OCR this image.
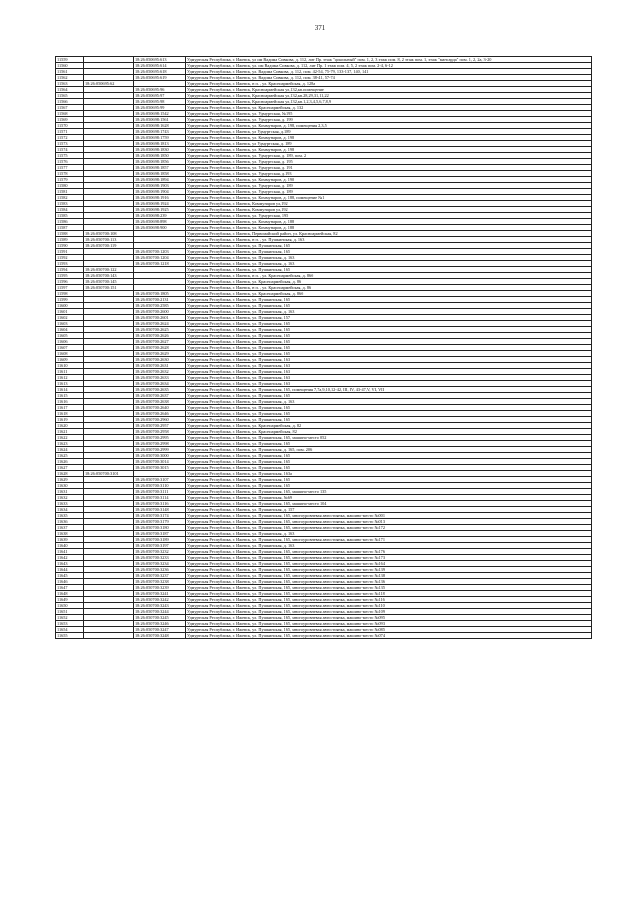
371
11559		18:26:050695:613	Удмуртская Республика, г. Ижевск, ул им Вадима Сивкова, д. 112, лит Пр. этаж "цокольный" пом. 1, 2, 3 этаж пом. 8, 2 этаж пом. 1, этаж "мансарда" пом. 1, 2, 2а, 3-20
11560		18:26:050695:614	Удмуртская Республика, г. Ижевск, ул. им Вадима Сивкова, д. 112, лит Пр. 1 этаж пом. 4, 5, 2 этаж пом. 2-4, 6-12
11561		18:26:050695:618	Удмуртская Республика, г. Ижевск, ул. Вадима Сивкова, д. 112, пом. 42-54, 75-79, 133-137, 140, 141
11562		18:26:050695:619	Удмуртская Республика, г. Ижевск, ул. Вадима Сивкова, д. 112, пом. 38-41, 57-74
11563	18:26:050695:62		Удмуртская Республика, г. Ижевск, н п. , ул. Красноармейская, д. 128а
11564		18:26:050695:96	Удмуртская Республика, г. Ижевск, Красноармейская ул,132,кв.помещение
11565		18:26:050695:97	Удмуртская Республика, г. Ижевск, Красноармейская ул,132,кв.28,29,31,11,22
11566		18:26:050695:98	Удмуртская Республика, г. Ижевск, Красноармейская ул,132,кв.1,2,3,4,5,6,7,8,9
11567		18:26:050695:99	Удмуртская Республика, г. Ижевск, ул. Красноармейская, д. 132
11568		18:26:050698:1542	Удмуртская Республика, г. Ижевск, ул. Удмуртская, №195
11569		18:26:050698:1561	Удмуртская Республика, г. Ижевск, ул. Удмуртская, д. 199
11570		18:26:050698:1628	Удмуртская Республика, г. Ижевск, ул. Коммунаров, д. 198, помещения 2,3,5
11571		18:26:050698:1743	Удмуртская Республика, г. Ижевск, ул Удмуртская, д.189
11572		18:26:050698:1759	Удмуртская Республика, г. Ижевск, ул. Коммунаров, д. 198
11573		18:26:050698:1813	Удмуртская Республика, г. Ижевск, ул Удмуртская, д. 189
11574		18:26:050698:1830	Удмуртская Республика, г. Ижевск, ул. Коммунаров, д. 198
11575		18:26:050698:1850	Удмуртская Республика, г. Ижевск, ул. Удмуртская, д. 189, пом. 2
11576		18:26:050698:1856	Удмуртская Республика, г. Ижевск, ул. Удмуртская, д. 195
11577		18:26:050698:1857	Удмуртская Республика, г. Ижевск, ул. Удмуртская, д. 191
11578		18:26:050698:1858	Удмуртская Республика, г. Ижевск, ул. Удмуртская, д.193
11579		18:26:050698:1894	Удмуртская Республика, г. Ижевск, ул. Коммунаров, д. 190
11580		18:26:050698:1903	Удмуртская Республика, г. Ижевск, ул. Удмуртская, д. 189
11581		18:26:050698:1904	Удмуртская Республика, г. Ижевск, ул. Удмуртская, д. 189
11582		18:26:050698:1916	Удмуртская Республика, г. Ижевск, ул. Коммунаров, д. 188, помещение №1
11583		18:26:050698:1924	Удмуртская Республика, г. Ижевск, Коммунаров ул,192
11584		18:26:050698:1925	Удмуртская Республика, г. Ижевск, Коммунаров ул,192
11585		18:26:050698:239	Удмуртская Республика, г. Ижевск, ул. Удмуртская, 195
11586		18:26:050698:898	Удмуртская Республика, г. Ижевск, ул. Коммунаров, д. 188
11587		18:26:050698:900	Удмуртская Республика, г. Ижевск, ул. Коммунаров, д. 188
11588	18:26:050700:108		Удмуртская Республика, г. Ижевск, Первомайский район, ул. Красноармейская, 82
11589	18:26:050700:113		Удмуртская Республика, г. Ижевск, н п. , ул. Пушкинская, д. 163
11590	18:26:050700:119		Удмуртская Республика, г. Ижевск, ул. Пушкинская, 165
11591		18:26:050700:1203	Удмуртская Республика, г. Ижевск, ул. Пушкинская, 165
11592		18:26:050700:1204	Удмуртская Республика, г. Ижевск, ул. Пушкинская, д. 163
11593		18:26:050700:1218	Удмуртская Республика, г. Ижевск, ул. Пушкинская, д. 163
11594	18:26:050700:122		Удмуртская Республика, г. Ижевск, ул. Пушкинская, 165
11595	18:26:050700:143		Удмуртская Республика, г. Ижевск, н п. , ул. Красноармейская, д. 86б
11596	18:26:050700:145		Удмуртская Республика, г. Ижевск, ул. Красноармейская, д. 86
11597	18:26:050700:151		Удмуртская Республика, г. Ижевск, н п. , ул. Красноармейская, д. 86
11598		18:26:050700:1805	Удмуртская Республика, г. Ижевск, ул. Красноармейская, д. 86б
11599		18:26:050700:2131	Удмуртская Республика, г. Ижевск, ул. Пушкинская, 165
11600		18:26:050700:2585	Удмуртская Республика, г. Ижевск, ул. Пушкинская, 165
11601		18:26:050700:2600	Удмуртская Республика, г. Ижевск, ул. Пушкинская, д. 163
11602		18:26:050700:2601	Удмуртская Республика, г. Ижевск, ул. Пушкинская, 157
11603		18:26:050700:2624	Удмуртская Республика, г. Ижевск, ул. Пушкинская, 165
11604		18:26:050700:2625	Удмуртская Республика, г. Ижевск, ул. Пушкинская, 165
11605		18:26:050700:2626	Удмуртская Республика, г. Ижевск, ул. Пушкинская, 165
11606		18:26:050700:2627	Удмуртская Республика, г. Ижевск, ул. Пушкинская, 165
11607		18:26:050700:2628	Удмуртская Республика, г. Ижевск, ул. Пушкинская, 165
11608		18:26:050700:2629	Удмуртская Республика, г. Ижевск, ул. Пушкинская, 165
11609		18:26:050700:2630	Удмуртская Республика, г. Ижевск, ул. Пушкинская, 163
11610		18:26:050700:2631	Удмуртская Республика, г. Ижевск, ул. Пушкинская, 163
11611		18:26:050700:2632	Удмуртская Республика, г. Ижевск, ул. Пушкинская, 163
11612		18:26:050700:2633	Удмуртская Республика, г. Ижевск, ул. Пушкинская, 163
11613		18:26:050700:2634	Удмуртская Республика, г. Ижевск, ул. Пушкинская, 163
11614		18:26:050700:2635	Удмуртская Республика, г. Ижевск, ул. Пушкинская, 165, помещения 7,7а,9,10,12-42, III, IV, 43-47,V, VI, VII
11615		18:26:050700:2637	Удмуртская Республика, г. Ижевск, ул. Пушкинская, 165
11616		18:26:050700:2638	Удмуртская Республика, г. Ижевск, ул. Пушкинская, д. 163
11617		18:26:050700:2640	Удмуртская Республика, г. Ижевск, ул. Пушкинская, 165
11618		18:26:050700:2646	Удмуртская Республика, г. Ижевск, ул. Пушкинская, 165
11619		18:26:050700:2960	Удмуртская Республика, г. Ижевск, ул. Пушкинская, 165
11620		18:26:050700:2957	Удмуртская Республика, г. Ижевск, ул. Красноармейская, д. 82
11621		18:26:050700:2958	Удмуртская Республика, г. Ижевск, ул. Красноармейская, 82
11622		18:26:050700:2995	Удмуртская Республика, г. Ижевск, ул. Пушкинская, 165, машино-место 052
11623		18:26:050700:2998	Удмуртская Республика, г. Ижевск, ул. Пушкинская, 165
11624		18:26:050700:2999	Удмуртская Республика, г. Ижевск, ул. Пушкинская, д. 165, пом. 206
11625		18:26:050700:3000	Удмуртская Республика, г. Ижевск, ул. Пушкинская, 165
11626		18:26:050700:3014	Удмуртская Республика, г. Ижевск, ул. Пушкинская, 165
11627		18:26:050700:3015	Удмуртская Республика, г. Ижевск, ул. Пушкинская, 165
11628	18:26:050700:3101		Удмуртская Республика, г. Ижевск, ул. Пушкинская, 163а
11629		18:26:050700:3107	Удмуртская Республика, г. Ижевск, ул. Пушкинская, 165
11630		18:26:050700:3110	Удмуртская Республика, г. Ижевск, ул. Пушкинская, 165
11631		18:26:050700:3111	Удмуртская Республика, г. Ижевск, ул. Пушкинская, 165, машино-место 135
11632		18:26:050700:3114	Удмуртская Республика, г. Ижевск, ул. Пушкинская, №69
11633		18:26:050700:3116	Удмуртская Республика, г. Ижевск, ул. Пушкинская, 165, машино-место 104
11634		18:26:050700:3148	Удмуртская Республика, г. Ижевск, ул. Пушкинская, д. 157
11635		18:26:050700:3174	Удмуртская Республика, г. Ижевск, ул. Пушкинская, 165, многоуровневая автостоянка, машино-место №001
11636		18:26:050700:3179	Удмуртская Республика, г. Ижевск, ул. Пушкинская, 165, многоуровневая автостоянка, машино-место №013
11637		18:26:050700:3180	Удмуртская Республика, г. Ижевск, ул. Пушкинская, 165, многоуровневая автостоянка, машино-место №172
11638		18:26:050700:3187	Удмуртская Республика, г. Ижевск, ул. Пушкинская, д. 163
11639		18:26:050700:3189	Удмуртская Республика, г. Ижевск, ул. Пушкинская, 165, многоуровневая автостоянка, машино-место №171
11640		18:26:050700:3197	Удмуртская Республика, г. Ижевск, ул. Пушкинская, д. 163
11641		18:26:050700:3232	Удмуртская Республика, г. Ижевск, ул. Пушкинская, 165, многоуровневая автостоянка, машино-место №176
11642		18:26:050700:3233	Удмуртская Республика, г. Ижевск, ул. Пушкинская, 165, многоуровневая автостоянка, машино-место №173
11643		18:26:050700:3234	Удмуртская Республика, г. Ижевск, ул. Пушкинская, 165, многоуровневая автостоянка, машино-место №164
11644		18:26:050700:3236	Удмуртская Республика, г. Ижевск, ул. Пушкинская, 165, многоуровневая автостоянка, машино-место №139
11645		18:26:050700:3237	Удмуртская Республика, г. Ижевск, ул. Пушкинская, 165, многоуровневая автостоянка, машино-место №138
11646		18:26:050700:3238	Удмуртская Республика, г. Ижевск, ул. Пушкинская, 165, многоуровневая автостоянка, машино-место №136
11647		18:26:050700:3239	Удмуртская Республика, г. Ижевск, ул. Пушкинская, 165, многоуровневая автостоянка, машино-место №135
11648		18:26:050700:3241	Удмуртская Республика, г. Ижевск, ул. Пушкинская, 165, многоуровневая автостоянка, машино-место №118
11649		18:26:050700:3242	Удмуртская Республика, г. Ижевск, ул. Пушкинская, 165, многоуровневая автостоянка, машино-место №116
11650		18:26:050700:3243	Удмуртская Республика, г. Ижевск, ул. Пушкинская, 165, многоуровневая автостоянка, машино-место №110
11651		18:26:050700:3244	Удмуртская Республика, г. Ижевск, ул. Пушкинская, 165, многоуровневая автостоянка, машино-место №109
11652		18:26:050700:3245	Удмуртская Республика, г. Ижевск, ул. Пушкинская, 165, многоуровневая автостоянка, машино-место №095
11653		18:26:050700:3246	Удмуртская Республика, г. Ижевск, ул. Пушкинская, 165, многоуровневая автостоянка, машино-место №093
11654		18:26:050700:3247	Удмуртская Республика, г. Ижевск, ул. Пушкинская, 165, многоуровневая автостоянка, машино-место №085
11655		18:26:050700:3248	Удмуртская Республика, г. Ижевск, ул. Пушкинская, 165, многоуровневая автостоянка, машино-место №074
